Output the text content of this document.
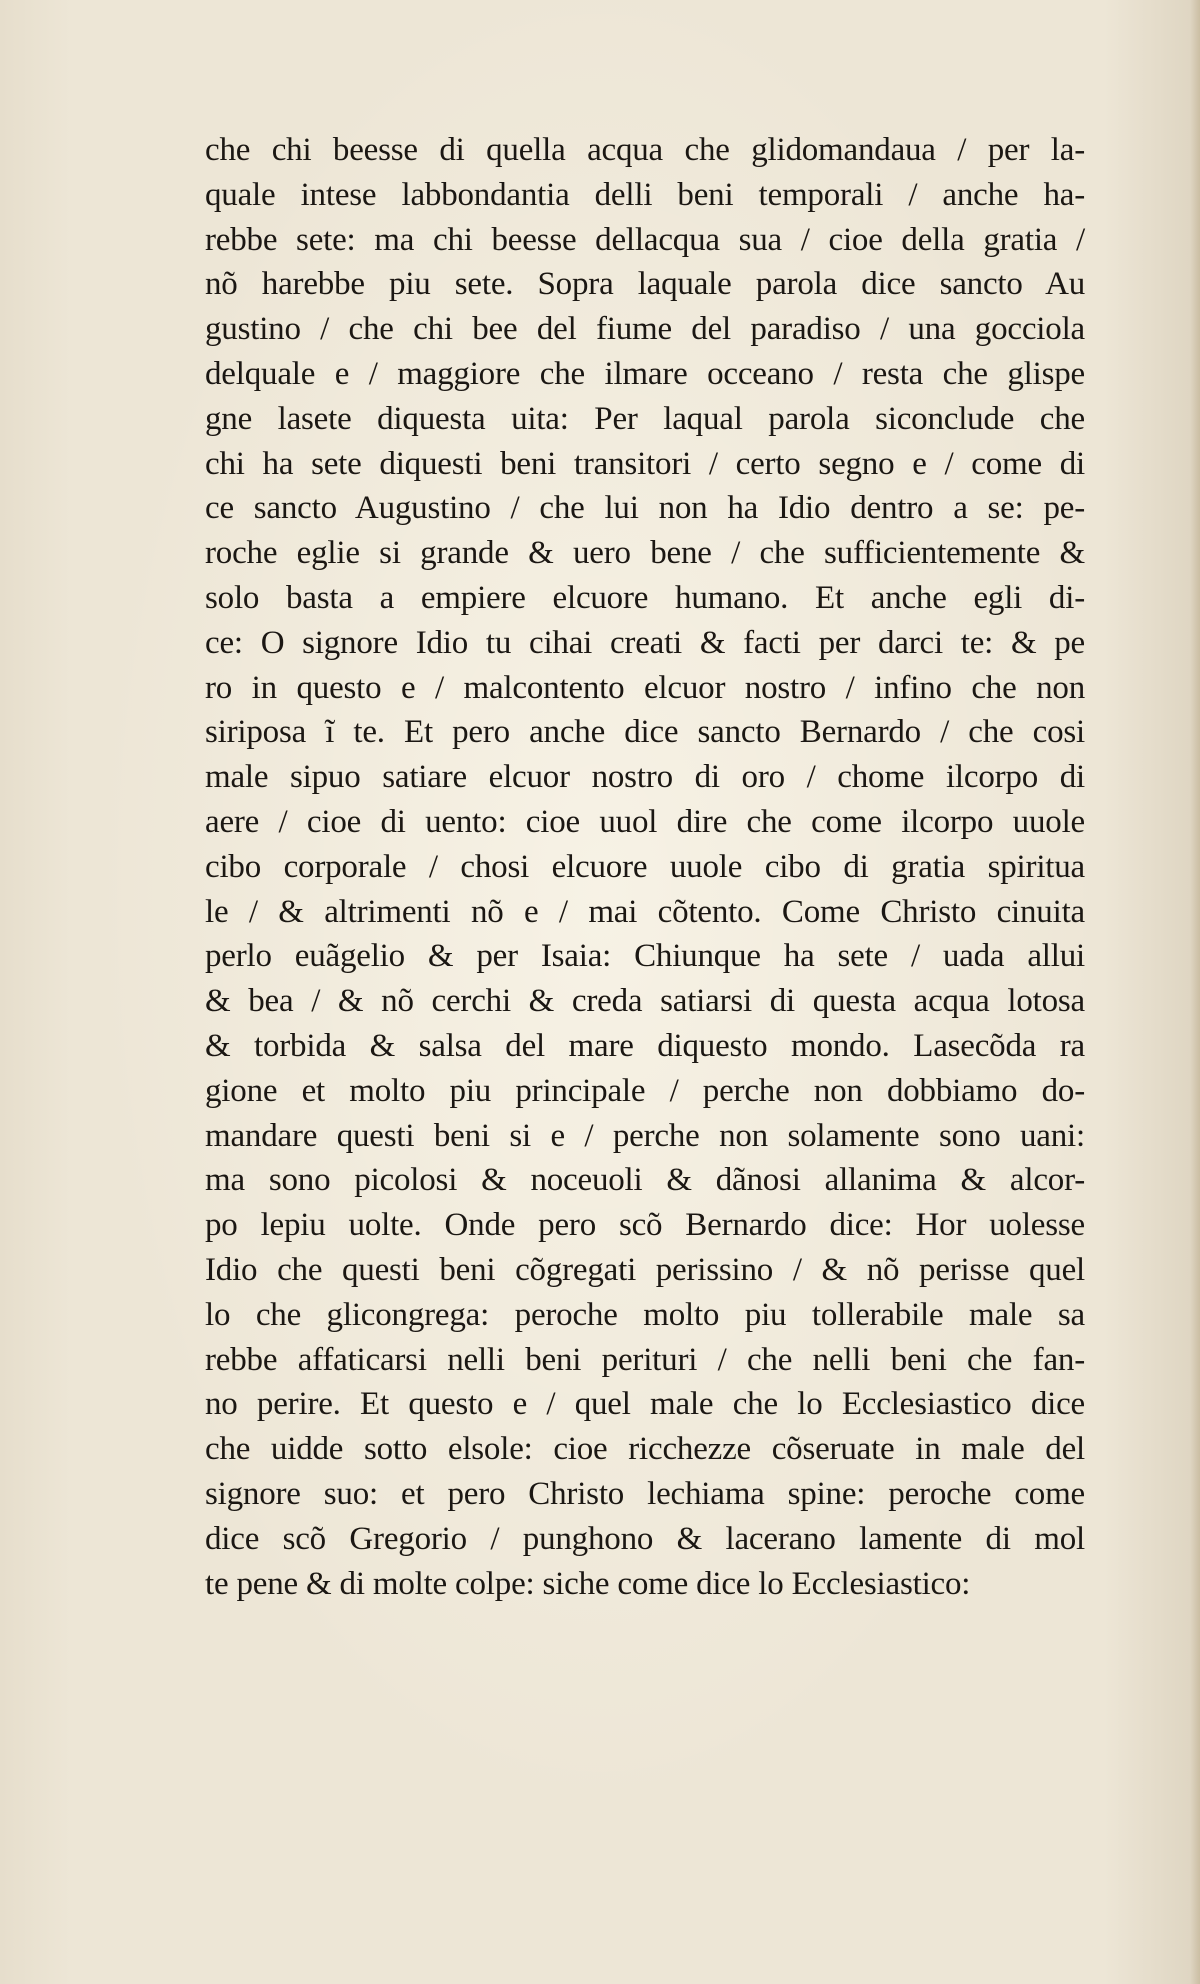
che chi beesse di quella acqua che glidomandaua / per la-
quale intese labbondantia delli beni temporali / anche ha-
rebbe sete: ma chi beesse dellacqua sua / cioe della gratia /
nõ harebbe piu sete. Sopra laquale parola dice sancto Au
gustino / che chi bee del fiume del paradiso / una gocciola
delquale e / maggiore che ilmare occeano / resta che glispe
gne lasete diquesta uita: Per laqual parola siconclude che
chi ha sete diquesti beni transitori / certo segno e / come di
ce sancto Augustino / che lui non ha Idio dentro a se: pe-
roche eglie si grande & uero bene / che sufficientemente &
solo basta a empiere elcuore humano. Et anche egli di-
ce: O signore Idio tu cihai creati & facti per darci te: & pe
ro in questo e / malcontento elcuor nostro / infino che non
siriposa ĩ te. Et pero anche dice sancto Bernardo / che cosi
male sipuo satiare elcuor nostro di oro / chome ilcorpo di
aere / cioe di uento: cioe uuol dire che come ilcorpo uuole
cibo corporale / chosi elcuore uuole cibo di gratia spiritua
le / & altrimenti nõ e / mai cõtento. Come Christo cinuita
perlo euãgelio & per Isaia: Chiunque ha sete / uada allui
& bea / & nõ cerchi & creda satiarsi di questa acqua lotosa
& torbida & salsa del mare diquesto mondo. Lasecõda ra
gione et molto piu principale / perche non dobbiamo do-
mandare questi beni si e / perche non solamente sono uani:
ma sono picolosi & noceuoli & dãnosi allanima & alcor-
po lepiu uolte. Onde pero scõ Bernardo dice: Hor uolesse
Idio che questi beni cõgregati perissino / & nõ perisse quel
lo che glicongrega: peroche molto piu tollerabile male sa
rebbe affaticarsi nelli beni perituri / che nelli beni che fan-
no perire. Et questo e / quel male che lo Ecclesiastico dice
che uidde sotto elsole: cioe ricchezze cõseruate in male del
signore suo: et pero Christo lechiama spine: peroche come
dice scõ Gregorio / punghono & lacerano lamente di mol
te pene & di molte colpe: siche come dice lo Ecclesiastico:
